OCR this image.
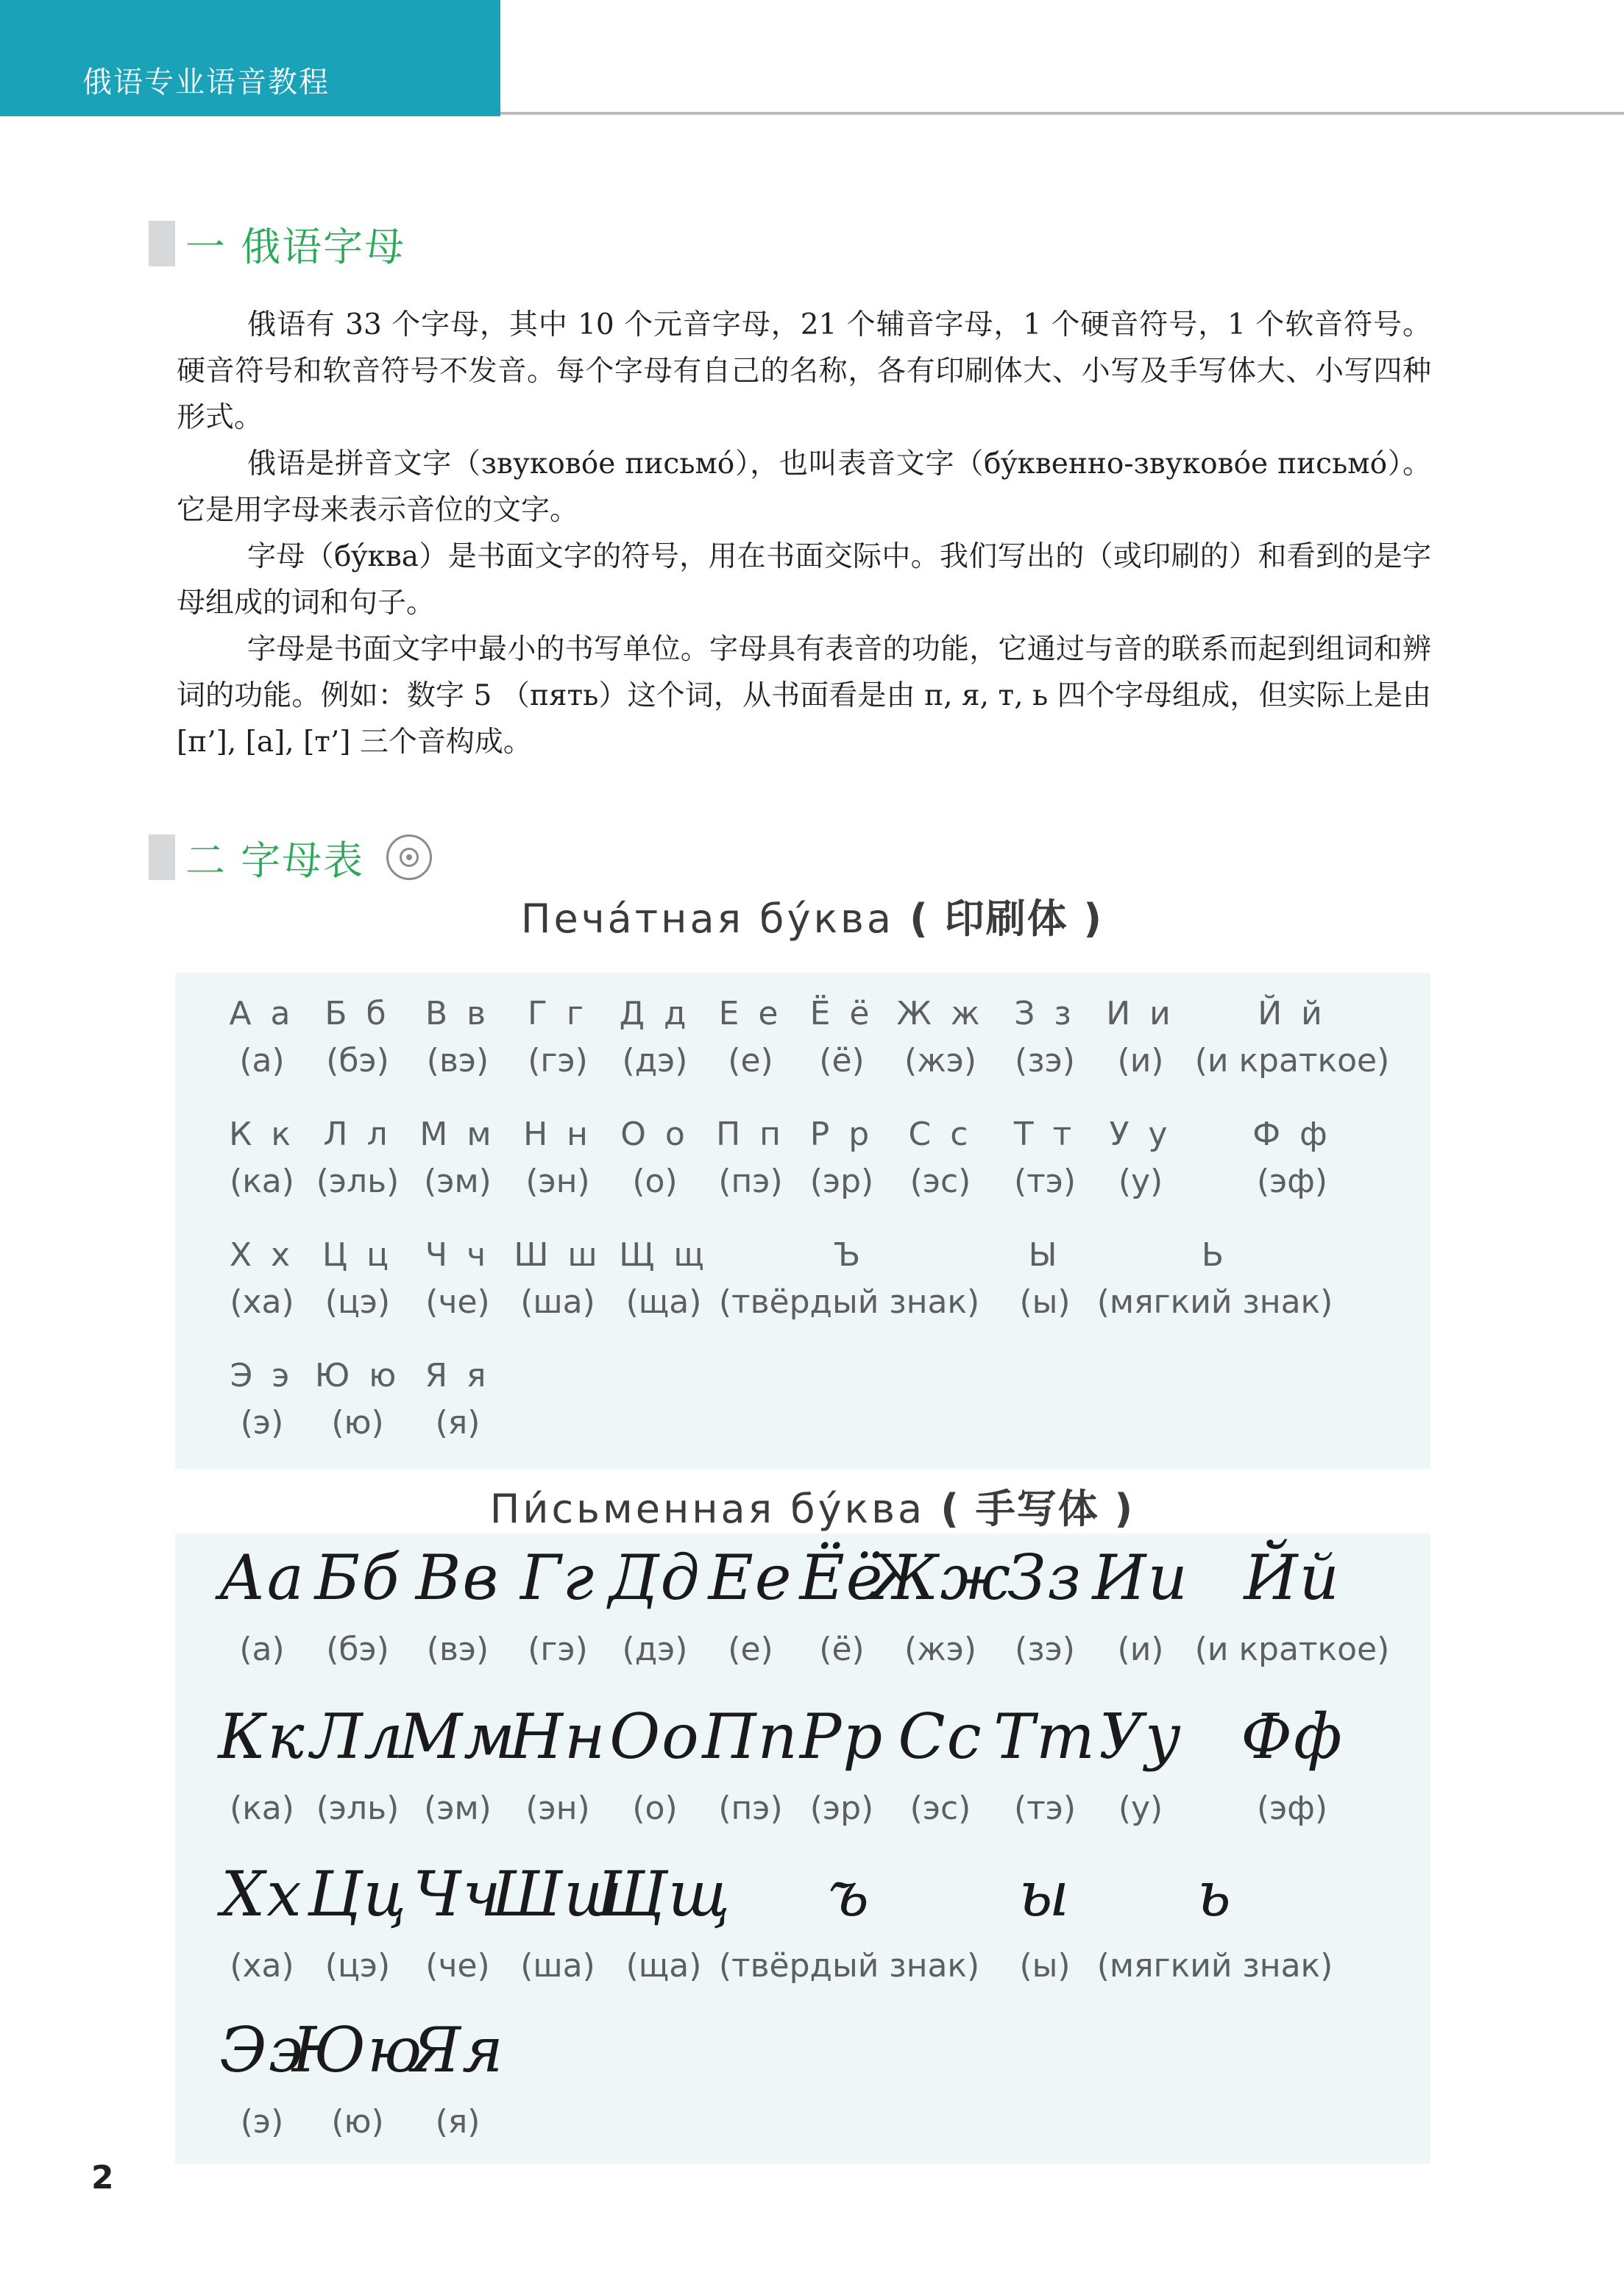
俄语专业语音教程
一 俄语字母

俄语有 33 个字母，其中 10 个元音字母，21 个辅音字母，1 个硬音符号，1 个软音符号。硬音符号和软音符号不发音。每个字母有自己的名称，各有印刷体大、小写及手写体大、小写四种形式。

俄语是拼音文字（звуковóе письмó），也叫表音文字（бýквенно-звуковóе письмó）。它是用字母来表示音位的文字。

字母（бýква）是书面文字的符号，用在书面交际中。我们写出的（或印刷的）和看到的是字母组成的词和句子。

字母是书面文字中最小的书写单位。字母具有表音的功能，它通过与音的联系而起到组词和辨词的功能。例如：数字 5 （пять）这个词，从书面看是由 п, я, т, ь 四个字母组成，但实际上是由 [п’], [а], [т’] 三个音构成。

二 字母表
Печáтная бýква ( 印刷体 )
А а
(а)
Б б
(бэ)
В в
(вэ)
Г г
(гэ)
Д д
(дэ)
Е е
(е)
Ё ё
(ё)
Ж ж
(жэ)
З з
(зэ)
И и
(и)
Й й
(и краткое)
К к
(ка)
Л л
(эль)
М м
(эм)
Н н
(эн)
О о
(о)
П п
(пэ)
Р р
(эр)
С с
(эс)
Т т
(тэ)
У у
(у)
Ф ф
(эф)
Х х
(ха)
Ц ц
(цэ)
Ч ч
(че)
Ш ш
(ша)
Щ щ
(ща)
Ъ
(твёрдый знак)
Ы
(ы)
Ь
(мягкий знак)
Э э
(э)
Ю ю
(ю)
Я я
(я)
Пи́сьменная бýква ( 手写体 )
Аа
(а)
Бб
(бэ)
Вв
(вэ)
Гг
(гэ)
Дд
(дэ)
Ее
(е)
Ёё
(ё)
Жж
(жэ)
Зз
(зэ)
Ии
(и)
Йй
(и краткое)
Кк
(ка)
Лл
(эль)
Мм
(эм)
Нн
(эн)
Оо
(о)
Пп
(пэ)
Рр
(эр)
Сс
(эс)
Тт
(тэ)
Уу
(у)
Фф
(эф)
Хх
(ха)
Цц
(цэ)
Чч
(че)
Шш
(ша)
Щщ
(ща)
ъ
(твёрдый знак)
ы
(ы)
ь
(мягкий знак)
Ээ
(э)
Юю
(ю)
Яя
(я)
2
